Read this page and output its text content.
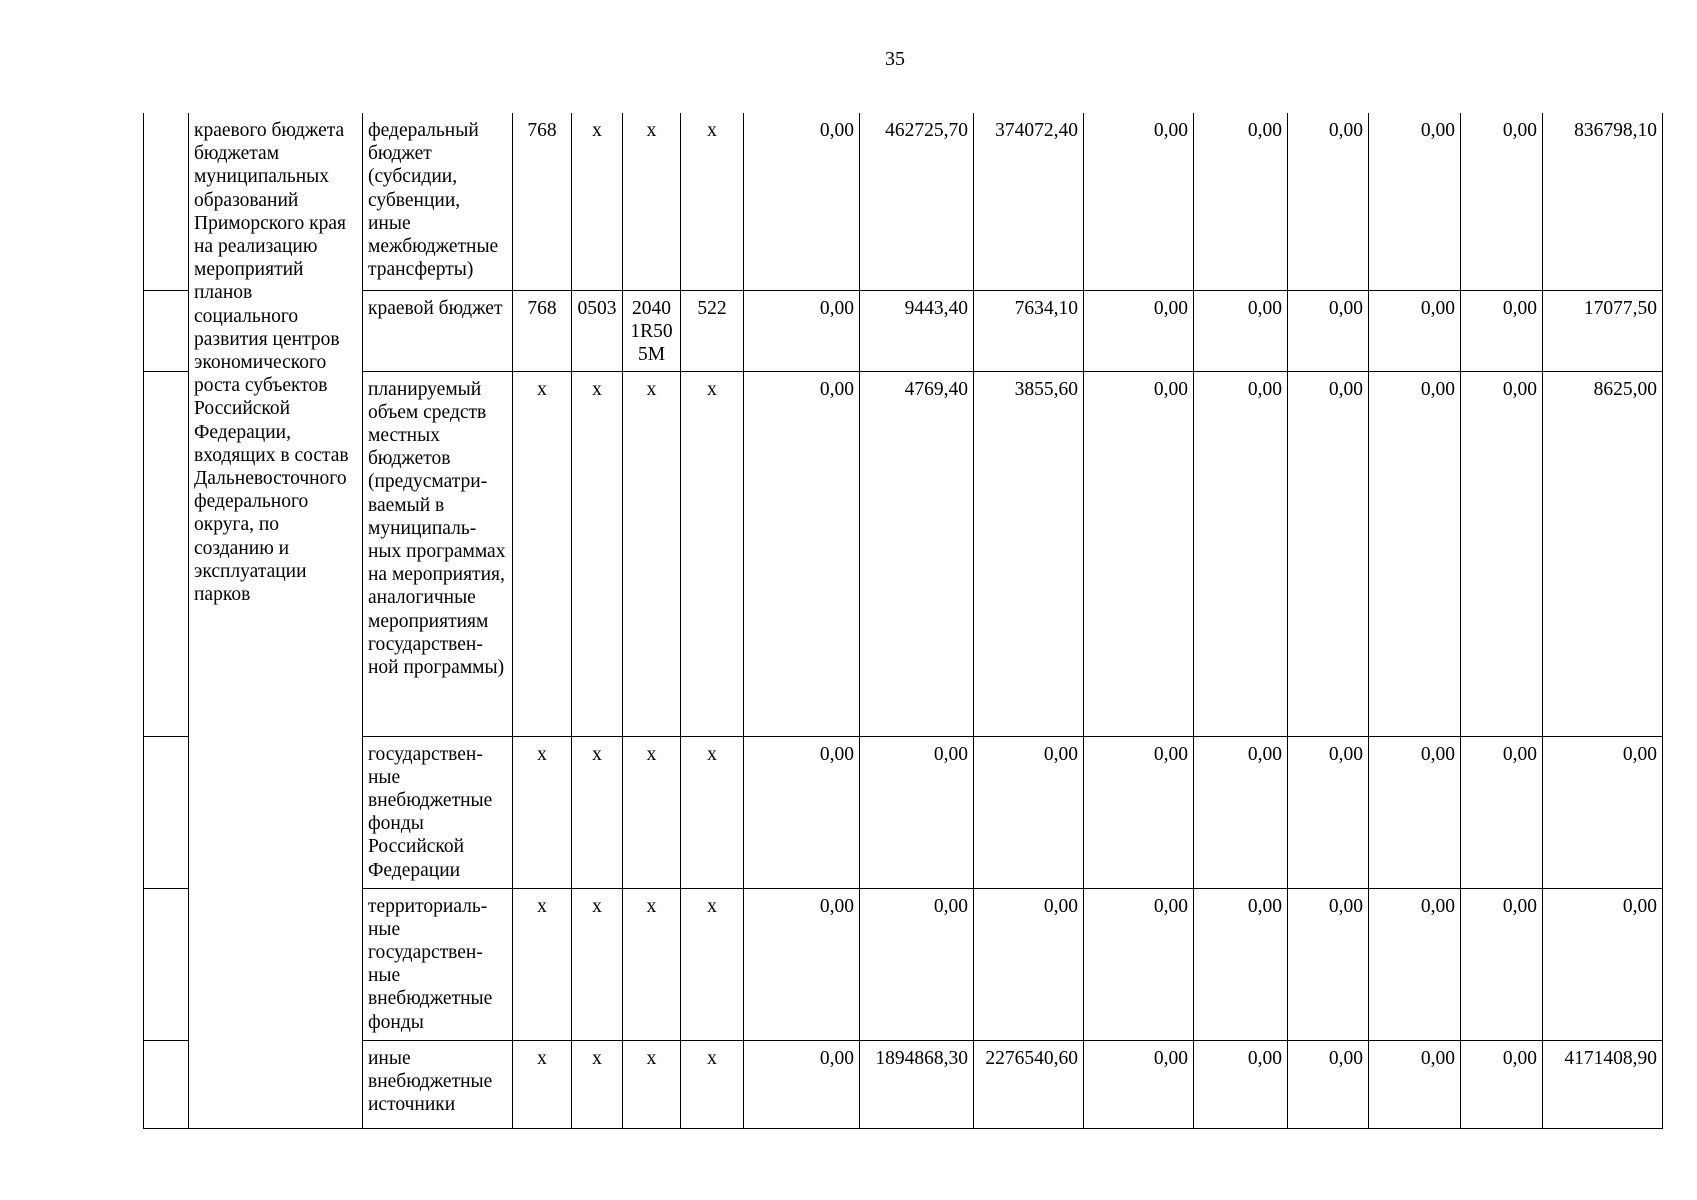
35
	краевого бюджета бюджетам муниципальных образований Приморского края на реализацию мероприятий планов социального развития центров экономического роста субъектов Российской Федерации, входящих в состав Дальневосточного федерального округа, по созданию и эксплуатации парков	федеральный бюджет (субсидии, субвенции, иные межбюджетные трансферты)	768	x	x	x	0,00	462725,70	374072,40	0,00	0,00	0,00	0,00	0,00	836798,10
		краевой бюджет	768	0503	20401R505M	522	0,00	9443,40	7634,10	0,00	0,00	0,00	0,00	0,00	17077,50
		планируемый объем средств местных бюджетов (предусматри-ваемый в муниципаль-ных программах на мероприятия, аналогичные мероприятиям государствен-ной программы)	x	x	x	x	0,00	4769,40	3855,60	0,00	0,00	0,00	0,00	0,00	8625,00
		государствен-ные внебюджетные фонды Российской Федерации	x	x	x	x	0,00	0,00	0,00	0,00	0,00	0,00	0,00	0,00	0,00
		территориаль-ные государствен-ные внебюджетные фонды	x	x	x	x	0,00	0,00	0,00	0,00	0,00	0,00	0,00	0,00	0,00
		иные внебюджетные источники	x	x	x	x	0,00	1894868,30	2276540,60	0,00	0,00	0,00	0,00	0,00	4171408,90
